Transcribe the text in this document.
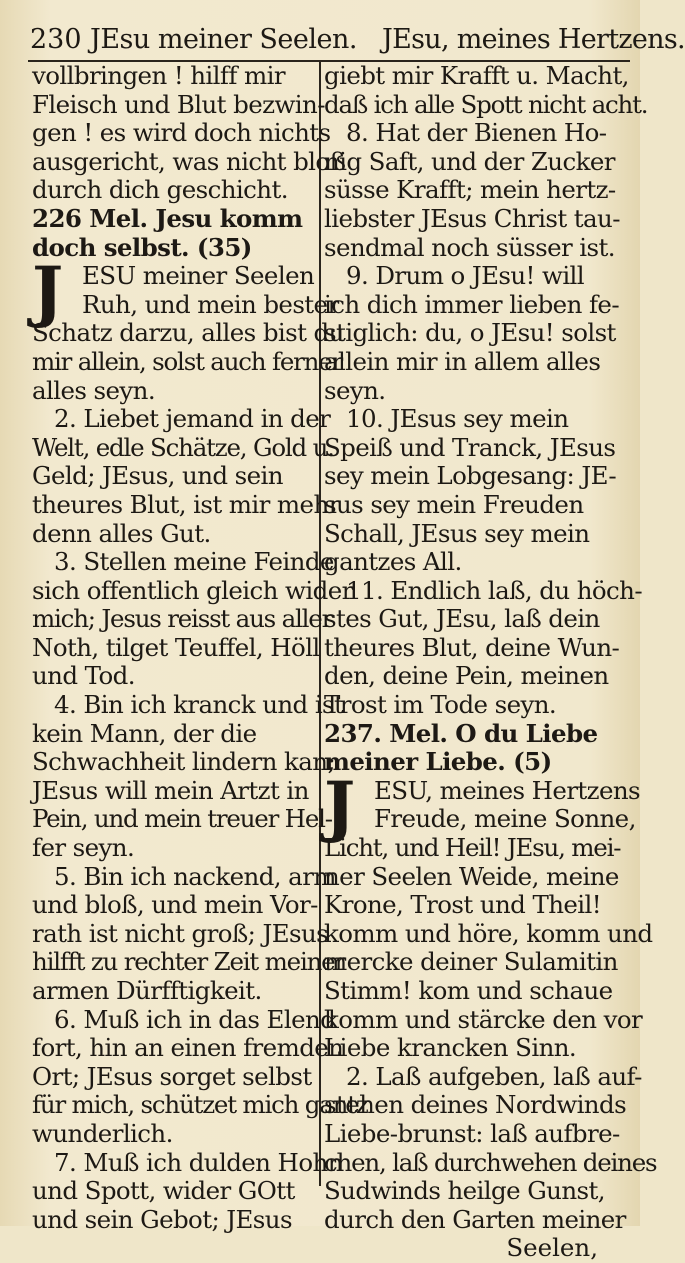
230 JEsu meiner Seelen. JEsu, meines Hertzens.
vollbringen ! hilff mir
Fleisch und Blut bezwin-
gen ! es wird doch nichts
ausgericht, was nicht bloß
durch dich geschicht.
226 Mel. Jesu komm
doch selbst. (35)
J ESU meiner Seelen
Ruh, und mein bester
Schatz darzu, alles bist du
mir allein, solst auch ferner
alles seyn.
2. Liebet jemand in der
Welt, edle Schätze, Gold u.
Geld; JEsus, und sein
theures Blut, ist mir mehr
denn alles Gut.
3. Stellen meine Feinde
sich offentlich gleich wider
mich; Jesus reisst aus aller
Noth, tilget Teuffel, Höll
und Tod.
4. Bin ich kranck und ist
kein Mann, der die
Schwachheit lindern kan;
JEsus will mein Artzt in
Pein, und mein treuer Hel-
fer seyn.
5. Bin ich nackend, arm
und bloß, und mein Vor-
rath ist nicht groß; JEsus
hilfft zu rechter Zeit meiner
armen Dürfftigkeit.
6. Muß ich in das Elend
fort, hin an einen fremden
Ort; JEsus sorget selbst
für mich, schützet mich gantz
wunderlich.
7. Muß ich dulden Hohn
und Spott, wider GOtt
und sein Gebot; JEsus
giebt mir Krafft u. Macht,
daß ich alle Spott nicht acht.
8. Hat der Bienen Ho-
nig Saft, und der Zucker
süsse Krafft; mein hertz-
liebster JEsus Christ tau-
sendmal noch süsser ist.
9. Drum o JEsu! will
ich dich immer lieben fe-
stiglich: du, o JEsu! solst
allein mir in allem alles
seyn.
10. JEsus sey mein
Speiß und Tranck, JEsus
sey mein Lobgesang: JE-
sus sey mein Freuden
Schall, JEsus sey mein
gantzes All.
11. Endlich laß, du höch-
stes Gut, JEsu, laß dein
theures Blut, deine Wun-
den, deine Pein, meinen
Trost im Tode seyn.
237. Mel. O du Liebe
meiner Liebe. (5)
J ESU, meines Hertzens
Freude, meine Sonne,
Licht, und Heil! JEsu, mei-
ner Seelen Weide, meine
Krone, Trost und Theil!
komm und höre, komm und
mercke deiner Sulamitin
Stimm! kom und schaue
komm und stärcke den vor
Liebe krancken Sinn.
2. Laß aufgeben, laß auf-
stehen deines Nordwinds
Liebe-brunst: laß aufbre-
chen, laß durchwehen deines
Sudwinds heilge Gunst,
durch den Garten meiner
Seelen,
